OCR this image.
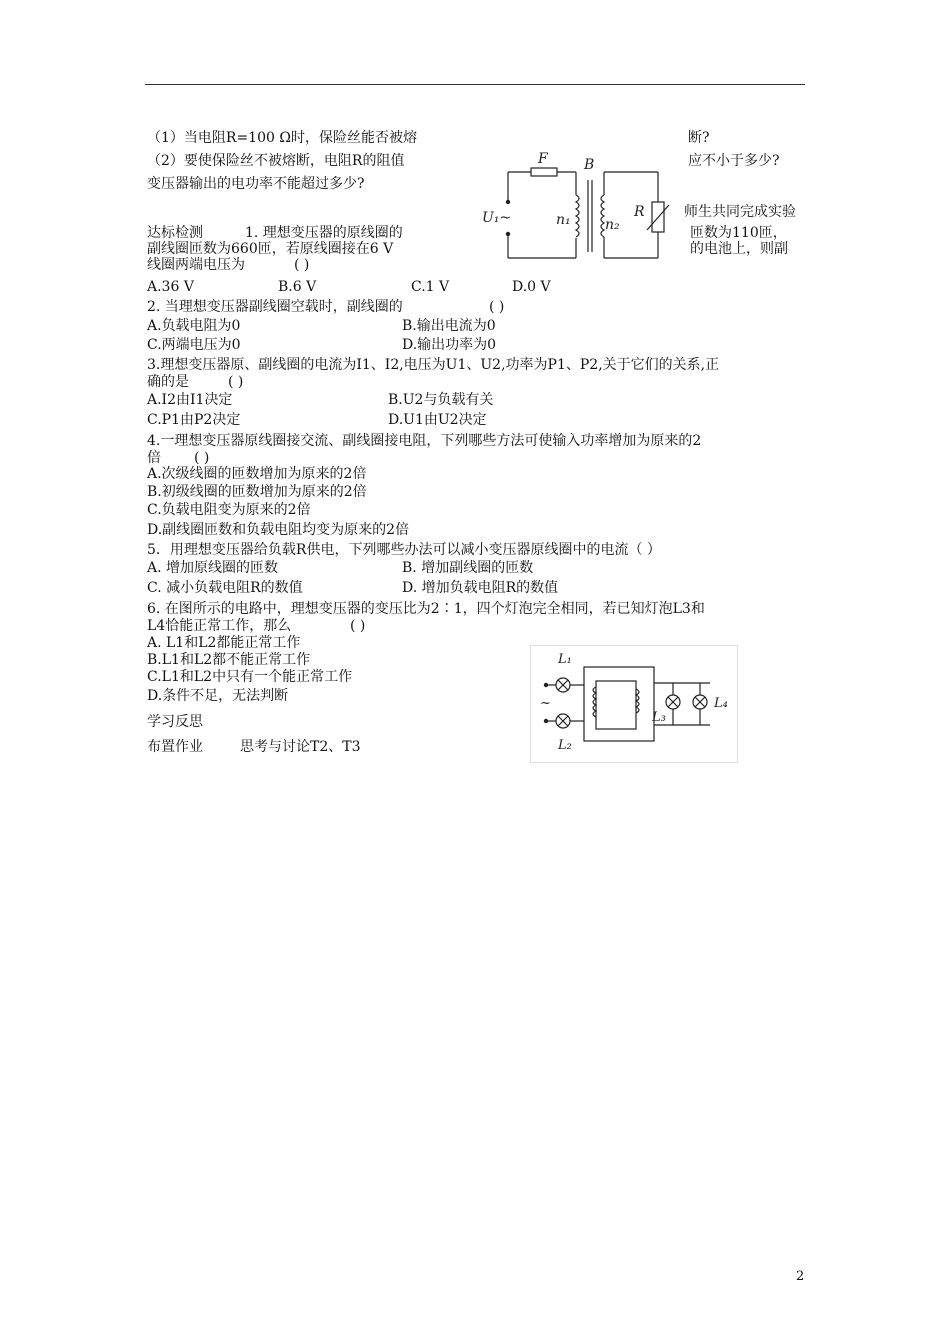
（1）当电阻R=100 Ω时，保险丝能否被熔	断?
（2）要使保险丝不被熔断，电阻R的阻值	应不小于多少?
变压器输出的电功率不能超过多少?
达标检测	1. 理想变压器的原线圈的
师生共同完成实验
副线圈匝数为660匝，若原线圈接在6 V
匝数为110匝，
线圈两端电压为	( )
的电池上，则副
A.36 V	B.6 V	C.1 V	D.0 V
2. 当理想变压器副线圈空载时，副线圈的	( )
A.负载电阻为0	B.输出电流为0
C.两端电压为0	D.输出功率为0
3.理想变压器原、副线圈的电流为I1、I2,电压为U1、U2,功率为P1、P2,关于它们的关系,正
确的是	( )
A.I2由I1决定	B.U2与负载有关
C.P1由P2决定	D.U1由U2决定
4.一理想变压器原线圈接交流、副线圈接电阻，下列哪些方法可使输入功率增加为原来的2
倍 ( )
A.次级线圈的匝数增加为原来的2倍
B.初级线圈的匝数增加为原来的2倍
C.负载电阻变为原来的2倍
D.副线圈匝数和负载电阻均变为原来的2倍
5．用理想变压器给负载R供电，下列哪些办法可以减小变压器原线圈中的电流（ ）
A. 增加原线圈的匝数	B. 增加副线圈的匝数
C. 减小负载电阻R的数值	D. 增加负载电阻R的数值
6. 在图所示的电路中，理想变压器的变压比为2∶1，四个灯泡完全相同，若已知灯泡L3和
L4恰能正常工作，那么	( )
A. L1和L2都能正常工作
B.L1和L2都不能正常工作
C.L1和L2中只有一个能正常工作
D.条件不足，无法判断
学习反思
布置作业	思考与讨论T2、T3
F	B
U₁~	n₁ n₂
R
L₁
L₂
L₃
L₄
~
2
